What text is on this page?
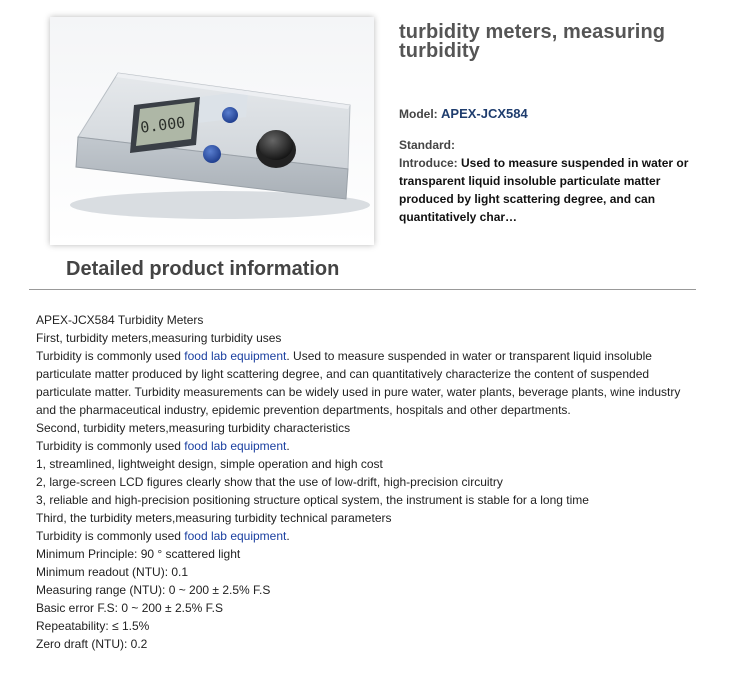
0.000
turbidity meters, measuring turbidity
Model: APEX-JCX584
Standard:
Introduce: Used to measure suspended in water or transparent liquid insoluble particulate matter produced by light scattering degree, and can quantitatively char…
Detailed product information

APEX-JCX584 Turbidity Meters

First, turbidity meters,measuring turbidity uses

Turbidity is commonly used food lab equipment. Used to measure suspended in water or transparent liquid insoluble particulate matter produced by light scattering degree, and can quantitatively characterize the content of suspended particulate matter. Turbidity measurements can be widely used in pure water, water plants, beverage plants, wine industry and the pharmaceutical industry, epidemic prevention departments, hospitals and other departments.

Second, turbidity meters,measuring turbidity characteristics

Turbidity is commonly used food lab equipment.

1, streamlined, lightweight design, simple operation and high cost

2, large-screen LCD figures clearly show that the use of low-drift, high-precision circuitry

3, reliable and high-precision positioning structure optical system, the instrument is stable for a long time

Third, the turbidity meters,measuring turbidity technical parameters

Turbidity is commonly used food lab equipment.

Minimum Principle: 90 ° scattered light

Minimum readout (NTU): 0.1

Measuring range (NTU): 0 ~ 200 ± 2.5% F.S

Basic error F.S: 0 ~ 200 ± 2.5% F.S

Repeatability: ≤ 1.5%

Zero draft (NTU): 0.2
